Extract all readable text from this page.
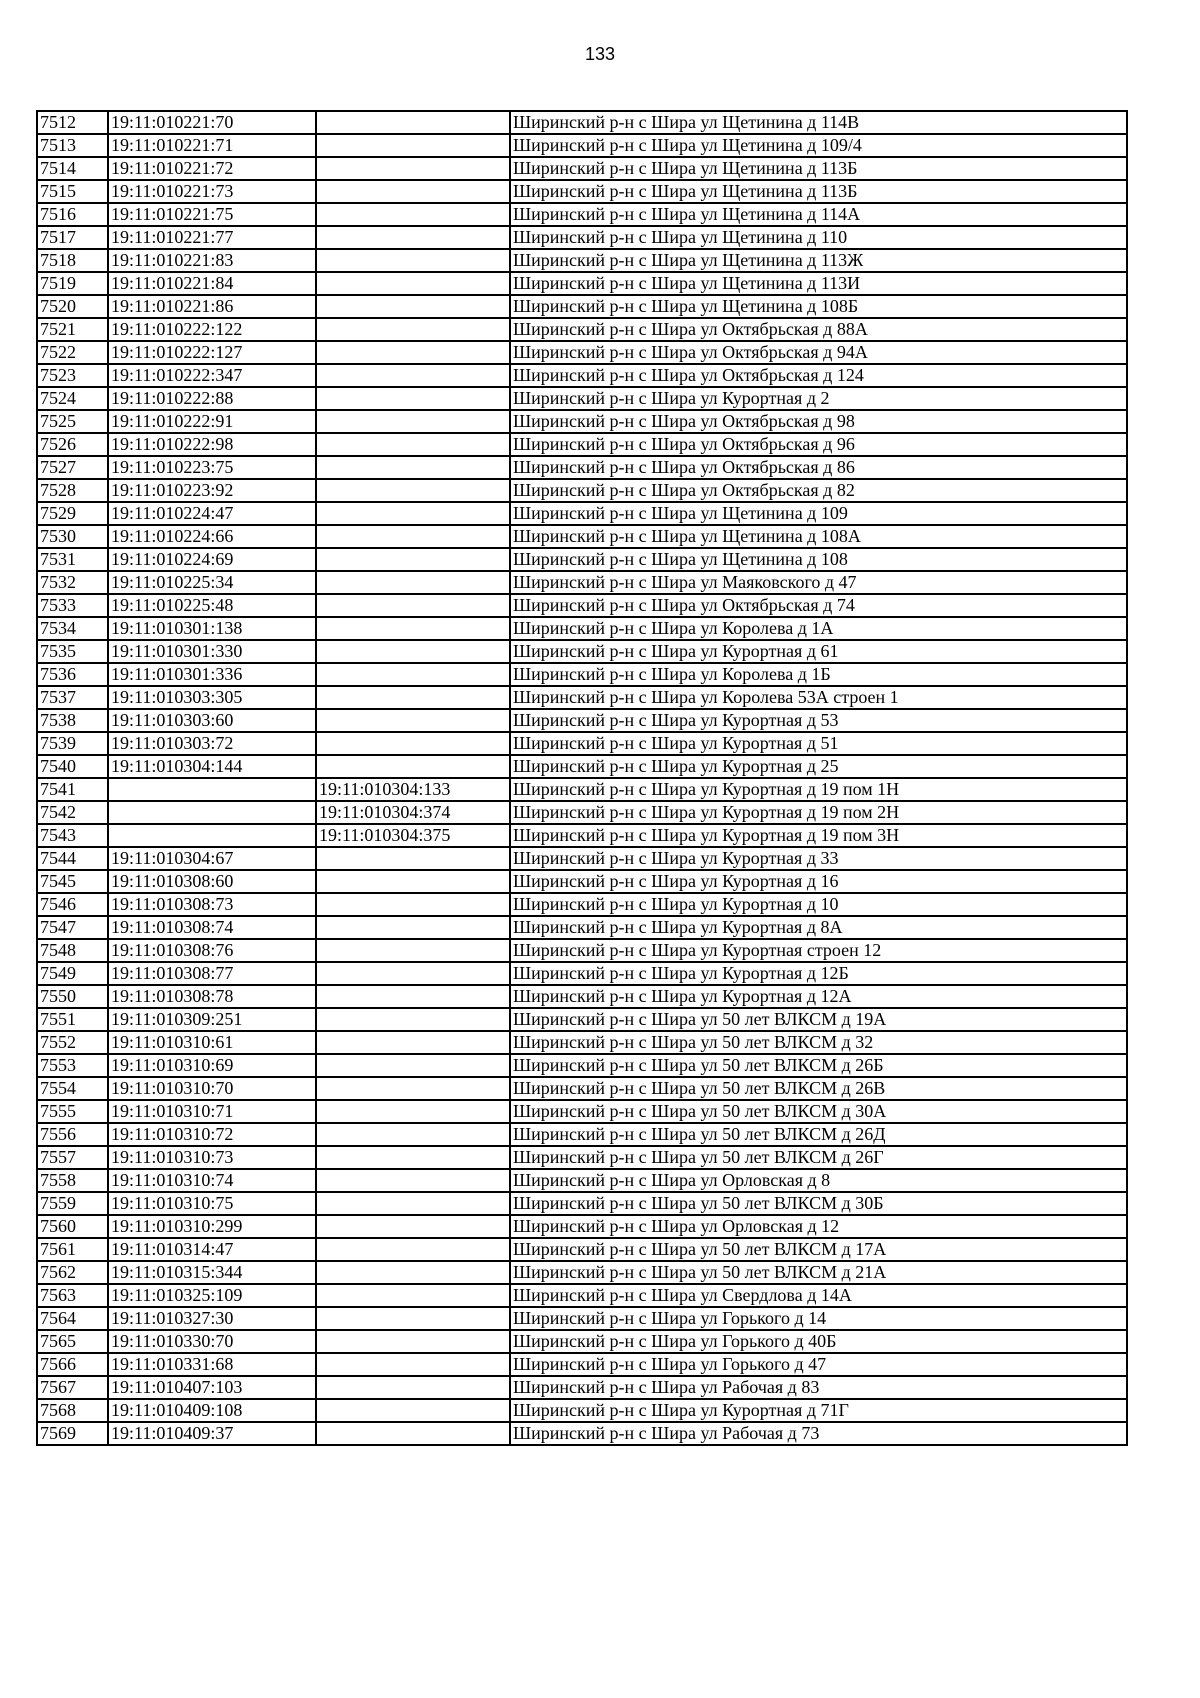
133
7512	19:11:010221:70		Ширинский р-н с Шира ул Щетинина д 114В
7513	19:11:010221:71		Ширинский р-н с Шира ул Щетинина д 109/4
7514	19:11:010221:72		Ширинский р-н с Шира ул Щетинина д 113Б
7515	19:11:010221:73		Ширинский р-н с Шира ул Щетинина д 113Б
7516	19:11:010221:75		Ширинский р-н с Шира ул Щетинина д 114А
7517	19:11:010221:77		Ширинский р-н с Шира ул Щетинина д 110
7518	19:11:010221:83		Ширинский р-н с Шира ул Щетинина д 113Ж
7519	19:11:010221:84		Ширинский р-н с Шира ул Щетинина д 113И
7520	19:11:010221:86		Ширинский р-н с Шира ул Щетинина д 108Б
7521	19:11:010222:122		Ширинский р-н с Шира ул Октябрьская д 88А
7522	19:11:010222:127		Ширинский р-н с Шира ул Октябрьская д 94А
7523	19:11:010222:347		Ширинский р-н с Шира ул Октябрьская д 124
7524	19:11:010222:88		Ширинский р-н с Шира ул Курортная д 2
7525	19:11:010222:91		Ширинский р-н с Шира ул Октябрьская д 98
7526	19:11:010222:98		Ширинский р-н с Шира ул Октябрьская д 96
7527	19:11:010223:75		Ширинский р-н с Шира ул Октябрьская д 86
7528	19:11:010223:92		Ширинский р-н с Шира ул Октябрьская д 82
7529	19:11:010224:47		Ширинский р-н с Шира ул Щетинина д 109
7530	19:11:010224:66		Ширинский р-н с Шира ул Щетинина д 108А
7531	19:11:010224:69		Ширинский р-н с Шира ул Щетинина д 108
7532	19:11:010225:34		Ширинский р-н с Шира ул Маяковского д 47
7533	19:11:010225:48		Ширинский р-н с Шира ул Октябрьская д 74
7534	19:11:010301:138		Ширинский р-н с Шира ул Королева д 1А
7535	19:11:010301:330		Ширинский р-н с Шира ул Курортная д 61
7536	19:11:010301:336		Ширинский р-н с Шира ул Королева д 1Б
7537	19:11:010303:305		Ширинский р-н с Шира ул Королева 53А строен 1
7538	19:11:010303:60		Ширинский р-н с Шира ул Курортная д 53
7539	19:11:010303:72		Ширинский р-н с Шира ул Курортная д 51
7540	19:11:010304:144		Ширинский р-н с Шира ул Курортная д 25
7541		19:11:010304:133	Ширинский р-н с Шира ул Курортная д 19 пом 1Н
7542		19:11:010304:374	Ширинский р-н с Шира ул Курортная д 19 пом 2Н
7543		19:11:010304:375	Ширинский р-н с Шира ул Курортная д 19 пом 3Н
7544	19:11:010304:67		Ширинский р-н с Шира ул Курортная д 33
7545	19:11:010308:60		Ширинский р-н с Шира ул Курортная д 16
7546	19:11:010308:73		Ширинский р-н с Шира ул Курортная д 10
7547	19:11:010308:74		Ширинский р-н с Шира ул Курортная д 8А
7548	19:11:010308:76		Ширинский р-н с Шира ул Курортная строен 12
7549	19:11:010308:77		Ширинский р-н с Шира ул Курортная д 12Б
7550	19:11:010308:78		Ширинский р-н с Шира ул Курортная д 12А
7551	19:11:010309:251		Ширинский р-н с Шира ул 50 лет ВЛКСМ д 19А
7552	19:11:010310:61		Ширинский р-н с Шира ул 50 лет ВЛКСМ д 32
7553	19:11:010310:69		Ширинский р-н с Шира ул 50 лет ВЛКСМ д 26Б
7554	19:11:010310:70		Ширинский р-н с Шира ул 50 лет ВЛКСМ д 26В
7555	19:11:010310:71		Ширинский р-н с Шира ул 50 лет ВЛКСМ д 30А
7556	19:11:010310:72		Ширинский р-н с Шира ул 50 лет ВЛКСМ д 26Д
7557	19:11:010310:73		Ширинский р-н с Шира ул 50 лет ВЛКСМ д 26Г
7558	19:11:010310:74		Ширинский р-н с Шира ул Орловская д 8
7559	19:11:010310:75		Ширинский р-н с Шира ул 50 лет ВЛКСМ д 30Б
7560	19:11:010310:299		Ширинский р-н с Шира ул Орловская д 12
7561	19:11:010314:47		Ширинский р-н с Шира ул 50 лет ВЛКСМ д 17А
7562	19:11:010315:344		Ширинский р-н с Шира ул 50 лет ВЛКСМ д 21А
7563	19:11:010325:109		Ширинский р-н с Шира ул Свердлова д 14А
7564	19:11:010327:30		Ширинский р-н с Шира ул Горького д 14
7565	19:11:010330:70		Ширинский р-н с Шира ул Горького д 40Б
7566	19:11:010331:68		Ширинский р-н с Шира ул Горького д 47
7567	19:11:010407:103		Ширинский р-н с Шира ул Рабочая д 83
7568	19:11:010409:108		Ширинский р-н с Шира ул Курортная д 71Г
7569	19:11:010409:37		Ширинский р-н с Шира ул Рабочая д 73
